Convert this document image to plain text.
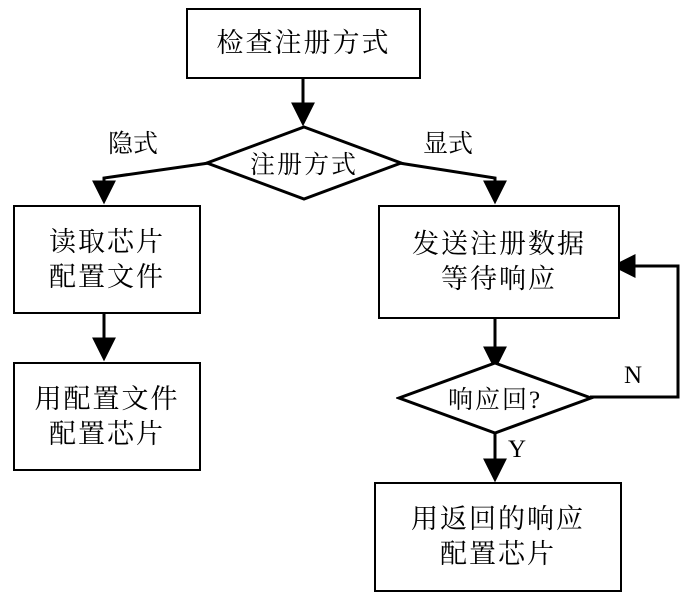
检查注册方式
注册方式
隐式	显式
读取芯片
配置文件
用配置文件
配置芯片
发送注册数据
等待响应
响应回?
N
Y
用返回的响应
配置芯片
